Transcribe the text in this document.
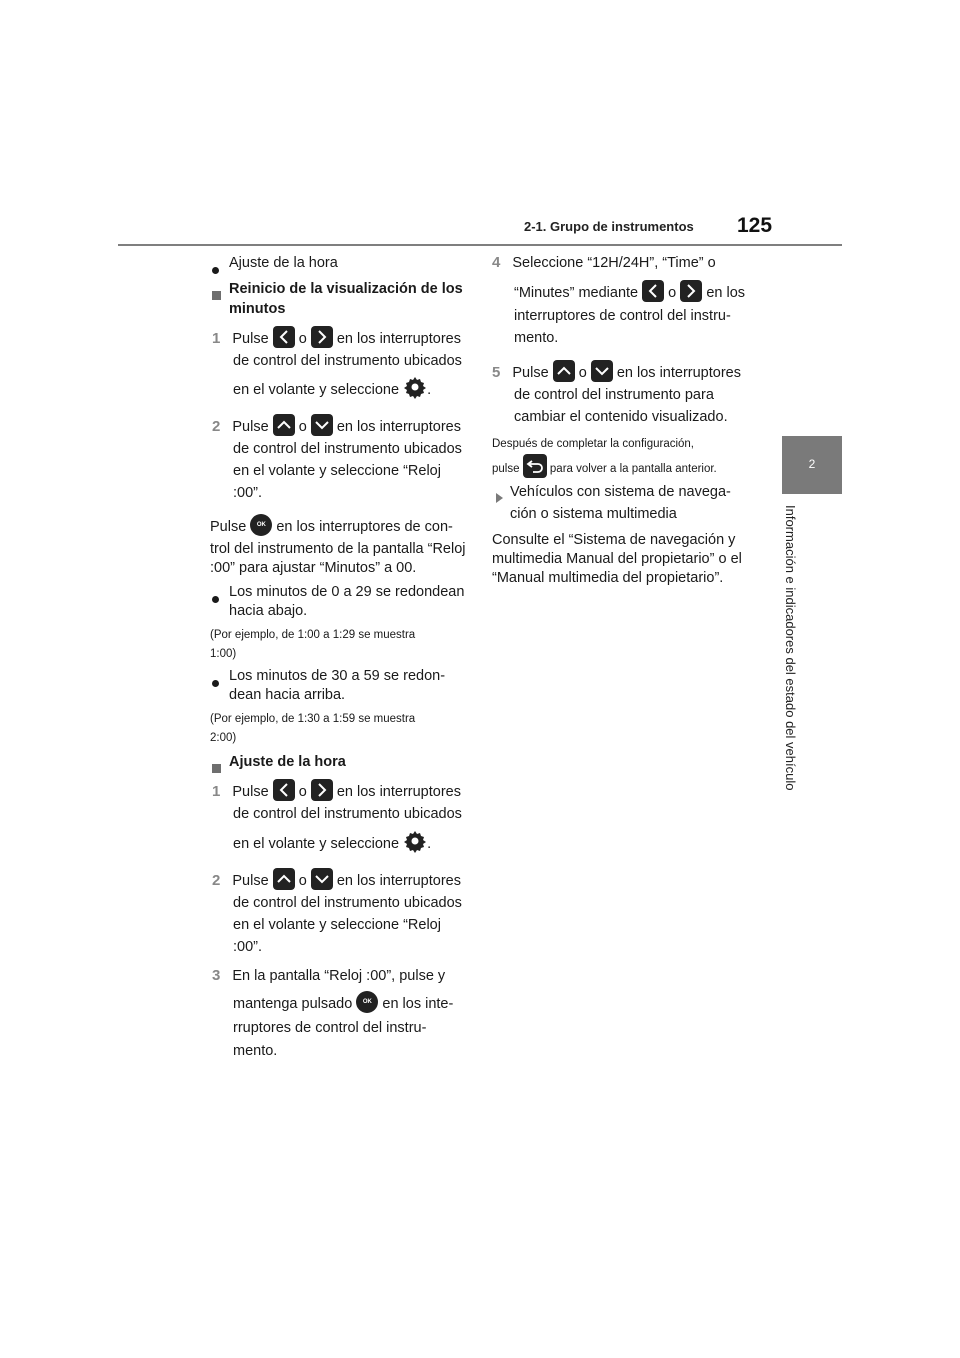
2-1. Grupo de instrumentos 125
2
Información e indicadores del estado del vehículo
Ajuste de la hora
Reinicio de la visualización de los
minutos
1 Pulse o en los interruptores
de control del instrumento ubicados
en el volante y seleccione .
2 Pulse o en los interruptores
de control del instrumento ubicados
en el volante y seleccione “Reloj
:00”.
Pulse OK en los interruptores de con-
trol del instrumento de la pantalla “Reloj
:00” para ajustar “Minutos” a 00.
Los minutos de 0 a 29 se redondean
hacia abajo.
(Por ejemplo, de 1:00 a 1:29 se muestra
1:00)
Los minutos de 30 a 59 se redon-
dean hacia arriba.
(Por ejemplo, de 1:30 a 1:59 se muestra
2:00)
Ajuste de la hora
1 Pulse o en los interruptores
de control del instrumento ubicados
en el volante y seleccione .
2 Pulse o en los interruptores
de control del instrumento ubicados
en el volante y seleccione “Reloj
:00”.
3 En la pantalla “Reloj :00”, pulse y
mantenga pulsado OK en los inte-
rruptores de control del instru-
mento.
4 Seleccione “12H/24H”, “Time” o
“Minutes” mediante o en los
interruptores de control del instru-
mento.
5 Pulse o en los interruptores
de control del instrumento para
cambiar el contenido visualizado.
Después de completar la configuración,
pulse	para volver a la pantalla anterior.
Vehículos con sistema de navega-
ción o sistema multimedia
Consulte el “Sistema de navegación y
multimedia Manual del propietario” o el
“Manual multimedia del propietario”.
